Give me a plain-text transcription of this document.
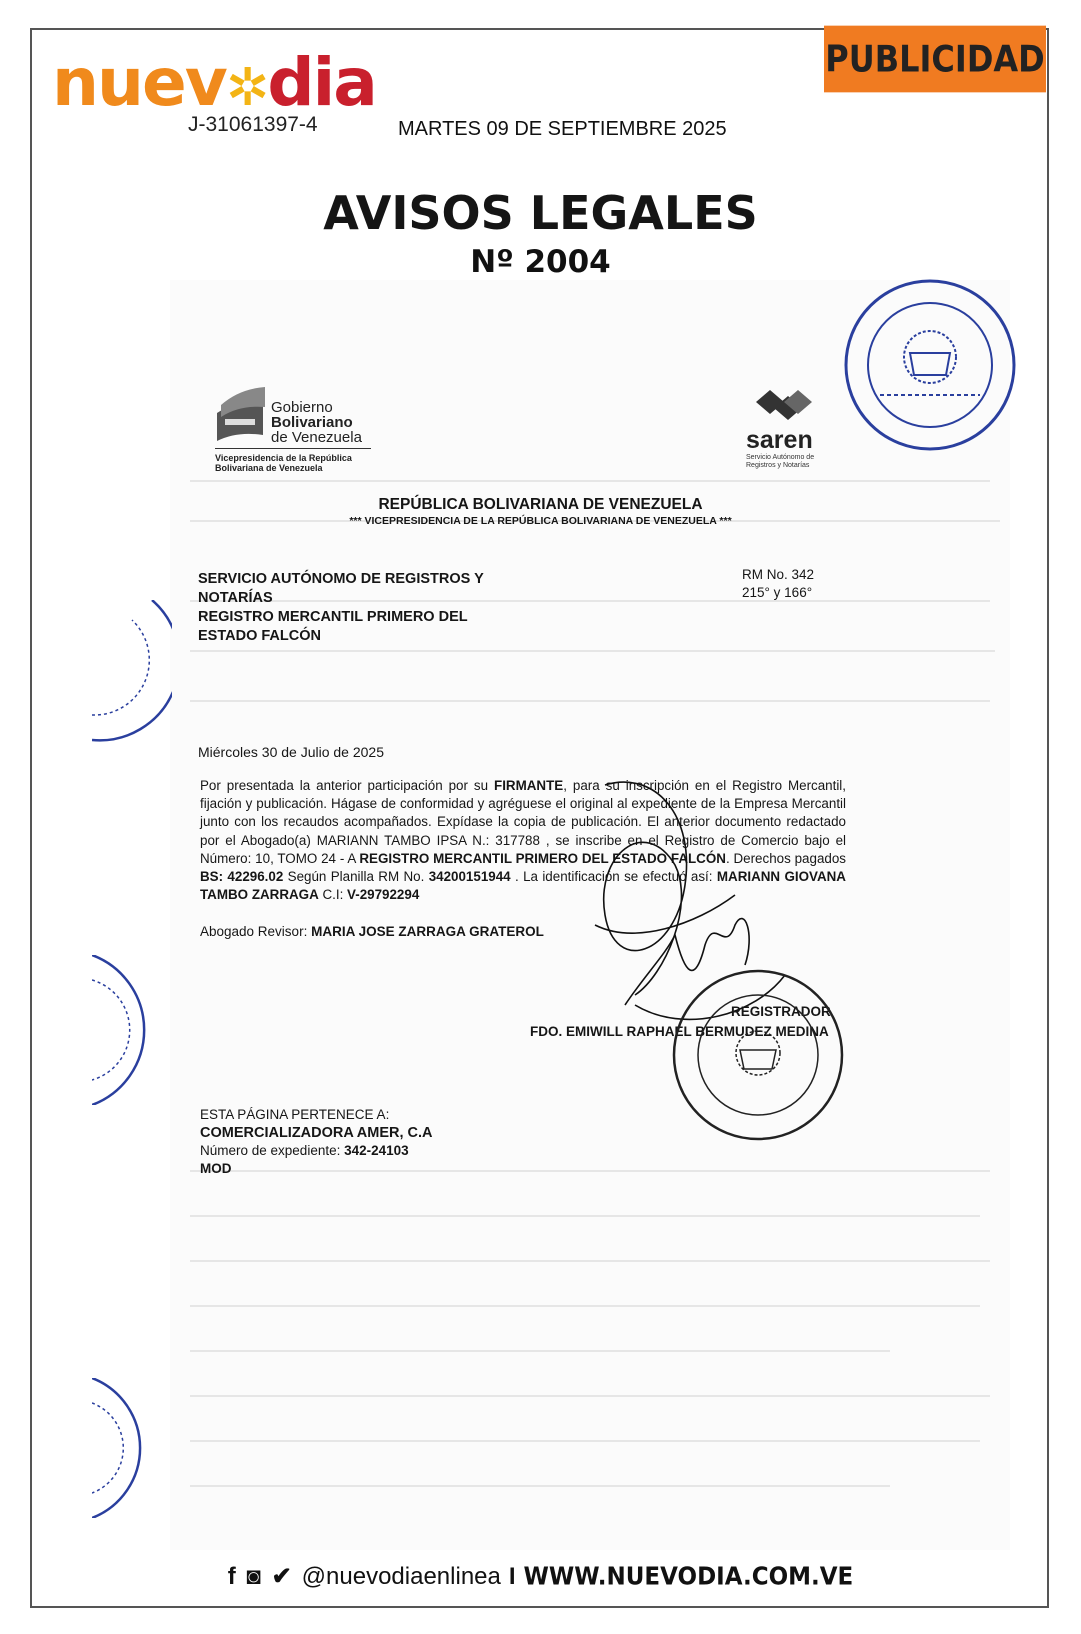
nuev✲dia
J-31061397-4	MARTES 09 DE SEPTIEMBRE 2025
PUBLICIDAD
AVISOS LEGALES
Nº 2004
Gobierno
Bolivariano
de Venezuela
Vicepresidencia de la República
Bolivariana de Venezuela
saren
Servicio Autónomo de
Registros y Notarías
REPÚBLICA BOLIVARIANA DE VENEZUELA
*** VICEPRESIDENCIA DE LA REPÚBLICA BOLIVARIANA DE VENEZUELA ***
SERVICIO AUTÓNOMO DE REGISTROS Y
NOTARÍAS
REGISTRO MERCANTIL PRIMERO DEL
ESTADO FALCÓN
RM No. 342
215° y 166°
Miércoles 30 de Julio de 2025
Por presentada la anterior participación por su FIRMANTE, para su inscripción en el Registro Mercantil, fijación y publicación. Hágase de conformidad y agréguese el original al expediente de la Empresa Mercantil junto con los recaudos acompañados. Expídase la copia de publicación. El anterior documento redactado por el Abogado(a) MARIANN TAMBO IPSA N.: 317788 , se inscribe en el Registro de Comercio bajo el Número: 10, TOMO 24 - A REGISTRO MERCANTIL PRIMERO DEL ESTADO FALCÓN. Derechos pagados BS: 42296.02 Según Planilla RM No. 34200151944 . La identificación se efectuó así: MARIANN GIOVANA TAMBO ZARRAGA C.I: V-29792294
Abogado Revisor: MARIA JOSE ZARRAGA GRATEROL
REGISTRADOR
FDO. EMIWILL RAPHAEL BERMUDEZ MEDINA
ESTA PÁGINA PERTENECE A:
COMERCIALIZADORA AMER, C.A
Número de expediente: 342-24103
MOD
f ◙ ✔ @nuevodiaenlinea I WWW.NUEVODIA.COM.VE
